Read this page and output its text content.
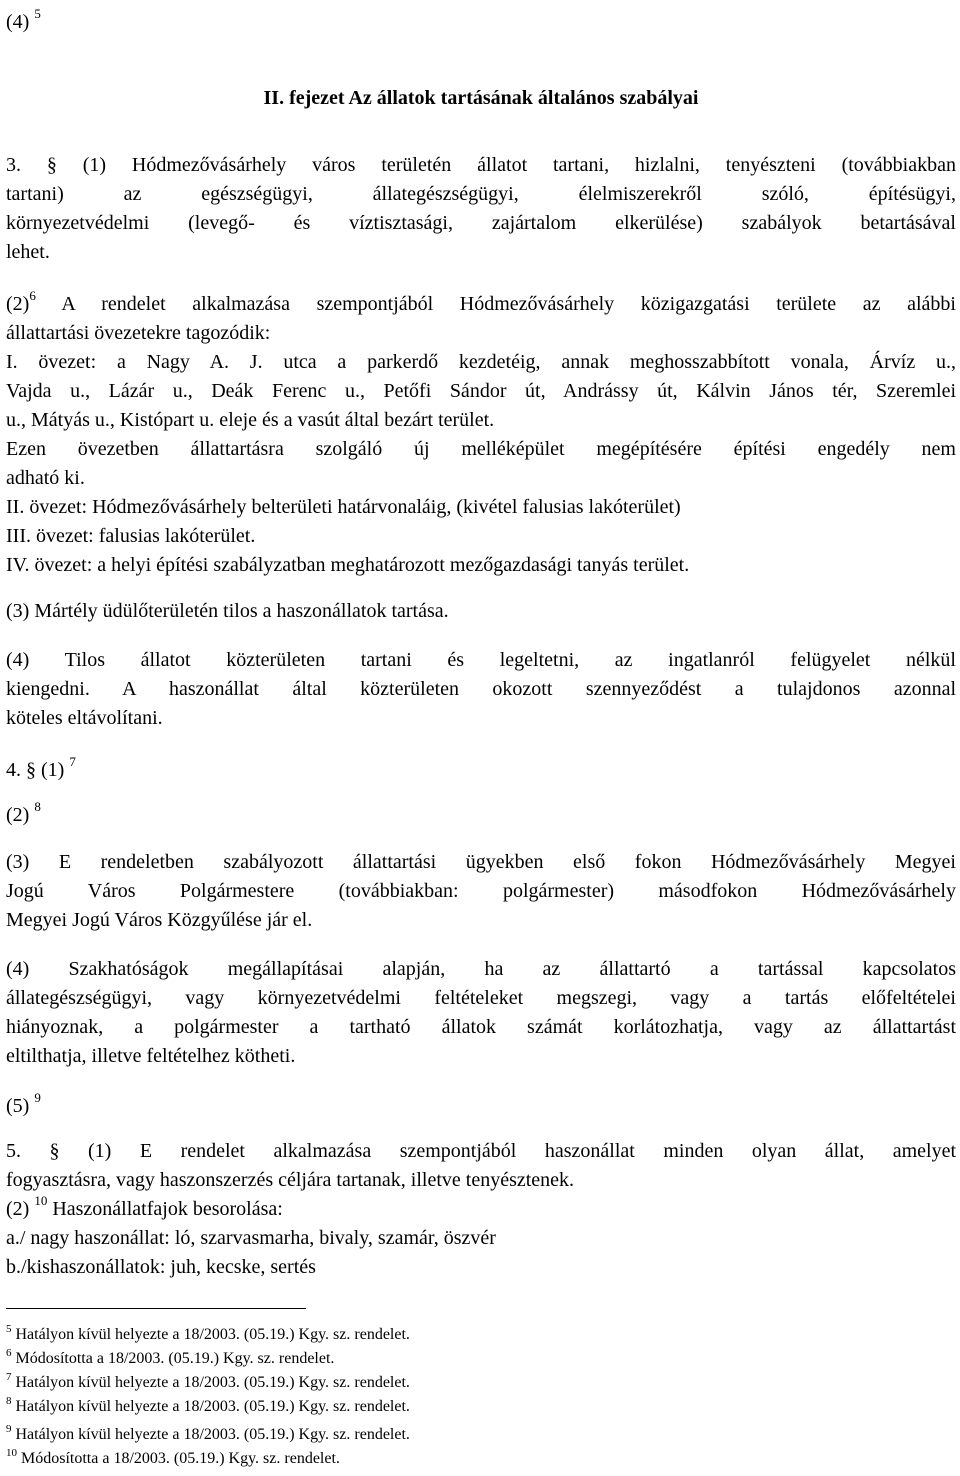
(4) $^5$
II. fejezet Az állatok tartásának általános szabályai
3. § (1) Hódmezővásárhely város területén állatot tartani, hizlalni, tenyészteni (továbbiakban
tartani) az egészségügyi, állategészségügyi, élelmiszerekről szóló, építésügyi,
környezetvédelmi (levegő- és víztisztasági, zajártalom elkerülése) szabályok betartásával
lehet.
$(2)^6$ A rendelet alkalmazása szempontjából Hódmezővásárhely közigazgatási területe az alábbi
állattartási övezetekre tagozódik:
I. övezet: a Nagy A. J. utca a parkerdő kezdetéig, annak meghosszabbított vonala, Árvíz u.,
Vajda u., Lázár u., Deák Ferenc u., Petőfi Sándor út, Andrássy út, Kálvin János tér, Szeremlei
u., Mátyás u., Kistópart u. eleje és a vasút által bezárt terület.
Ezen övezetben állattartásra szolgáló új melléképület megépítésére építési engedély nem
adható ki.
II. övezet: Hódmezővásárhely belterületi határvonaláig, (kivétel falusias lakóterület)
III. övezet: falusias lakóterület.
IV. övezet: a helyi építési szabályzatban meghatározott mezőgazdasági tanyás terület.
(3) Mártély üdülőterületén tilos a haszonállatok tartása.
(4) Tilos állatot közterületen tartani és legeltetni, az ingatlanról felügyelet nélkül
kiengedni. A haszonállat által közterületen okozott szennyeződést a tulajdonos azonnal
köteles eltávolítani.
4. § (1) $^7$
(2) $^8$
(3) E rendeletben szabályozott állattartási ügyekben első fokon Hódmezővásárhely Megyei
Jogú Város Polgármestere (továbbiakban: polgármester) másodfokon Hódmezővásárhely
Megyei Jogú Város Közgyűlése jár el.
(4) Szakhatóságok megállapításai alapján, ha az állattartó a tartással kapcsolatos
állategészségügyi, vagy környezetvédelmi feltételeket megszegi, vagy a tartás előfeltételei
hiányoznak, a polgármester a tartható állatok számát korlátozhatja, vagy az állattartást
eltilthatja, illetve feltételhez kötheti.
(5) $^9$
5. § (1) E rendelet alkalmazása szempontjából haszonállat minden olyan állat, amelyet
fogyasztásra, vagy haszonszerzés céljára tartanak, illetve tenyésztenek.
(2) $^{10}$ Haszonállatfajok besorolása:
a./ nagy haszonállat: ló, szarvasmarha, bivaly, szamár, öszvér
b./kishaszonállatok: juh, kecske, sertés
$^5$ Hatályon kívül helyezte a 18/2003. (05.19.) Kgy. sz. rendelet.
$^6$ Módosította a 18/2003. (05.19.) Kgy. sz. rendelet.
$^7$ Hatályon kívül helyezte a 18/2003. (05.19.) Kgy. sz. rendelet.
$^8$ Hatályon kívül helyezte a 18/2003. (05.19.) Kgy. sz. rendelet.
$^9$ Hatályon kívül helyezte a 18/2003. (05.19.) Kgy. sz. rendelet.
$^{10}$ Módosította a 18/2003. (05.19.) Kgy. sz. rendelet.
